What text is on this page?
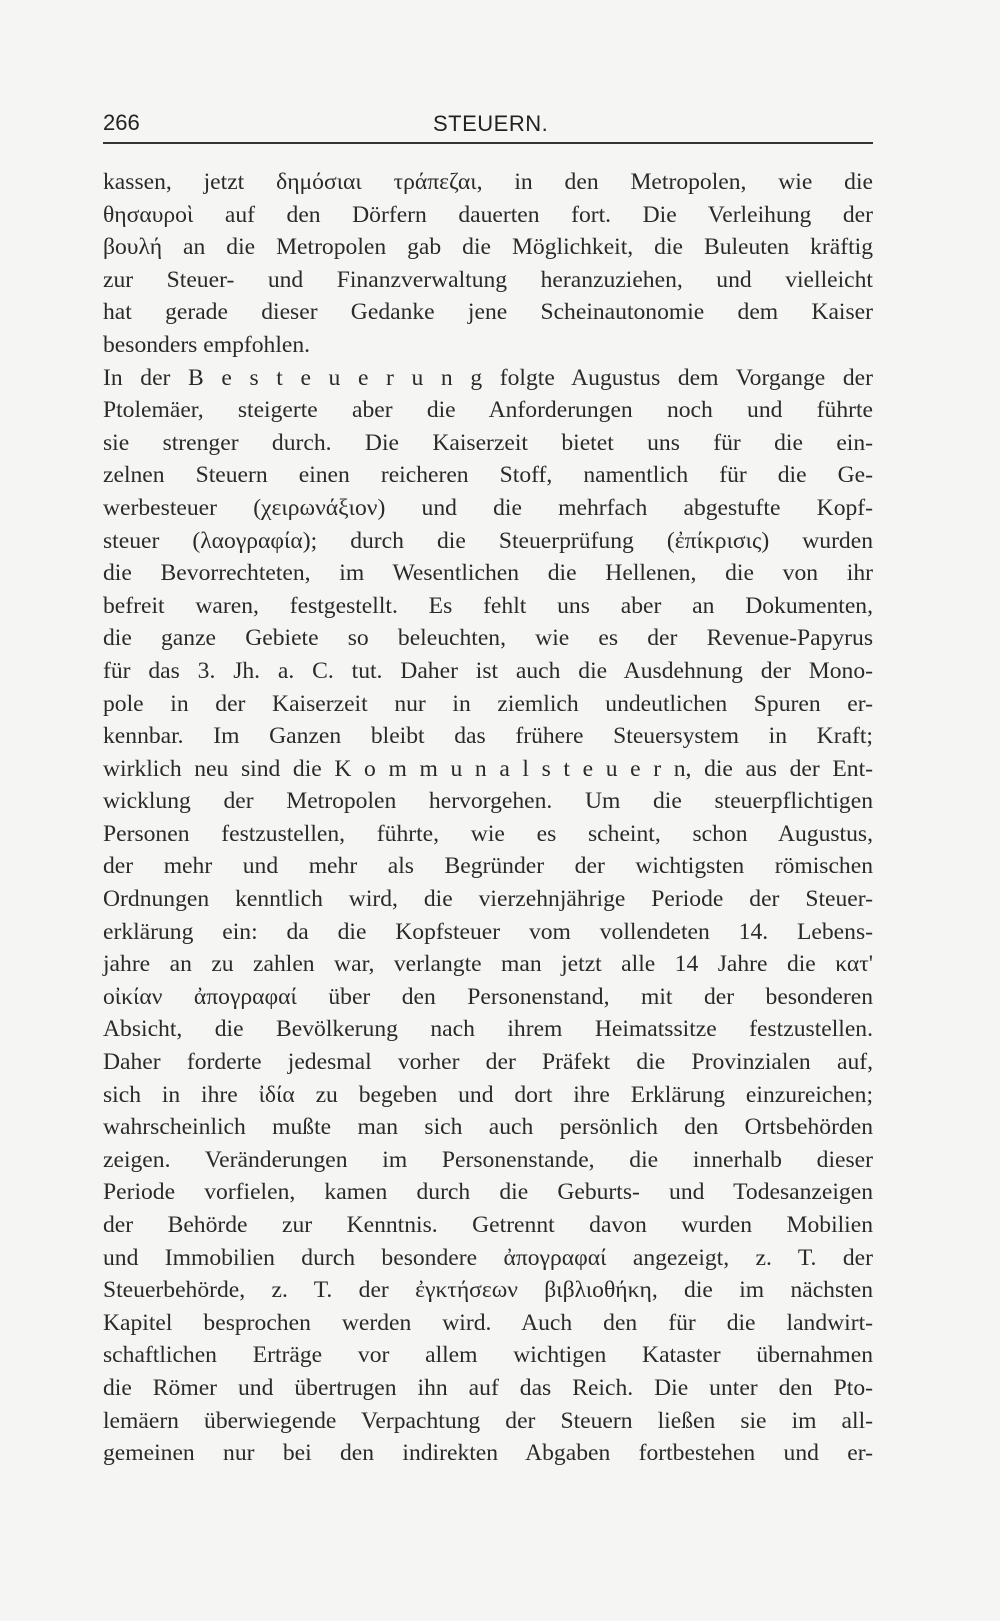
266	STEUERN.
kassen, jetzt δημόσιαι τράπεζαι, in den Metropolen, wie die
θησαυροὶ auf den Dörfern dauerten fort. Die Verleihung der
βουλή an die Metropolen gab die Möglichkeit, die Buleuten kräftig
zur Steuer- und Finanzverwaltung heranzuziehen, und vielleicht
hat gerade dieser Gedanke jene Scheinautonomie dem Kaiser
besonders empfohlen.
In der B e s t e u e r u n g folgte Augustus dem Vorgange der
Ptolemäer, steigerte aber die Anforderungen noch und führte
sie strenger durch. Die Kaiserzeit bietet uns für die ein-
zelnen Steuern einen reicheren Stoff, namentlich für die Ge-
werbesteuer (χειρωνάξιον) und die mehrfach abgestufte Kopf-
steuer (λαογραφία); durch die Steuerprüfung (ἐπίκρισις) wurden
die Bevorrechteten, im Wesentlichen die Hellenen, die von ihr
befreit waren, festgestellt. Es fehlt uns aber an Dokumenten,
die ganze Gebiete so beleuchten, wie es der Revenue-Papyrus
für das 3. Jh. a. C. tut. Daher ist auch die Ausdehnung der Mono-
pole in der Kaiserzeit nur in ziemlich undeutlichen Spuren er-
kennbar. Im Ganzen bleibt das frühere Steuersystem in Kraft;
wirklich neu sind die K o m m u n a l s t e u e r n, die aus der Ent-
wicklung der Metropolen hervorgehen. Um die steuerpflichtigen
Personen festzustellen, führte, wie es scheint, schon Augustus,
der mehr und mehr als Begründer der wichtigsten römischen
Ordnungen kenntlich wird, die vierzehnjährige Periode der Steuer-
erklärung ein: da die Kopfsteuer vom vollendeten 14. Lebens-
jahre an zu zahlen war, verlangte man jetzt alle 14 Jahre die κατ'
οἰκίαν ἀπογραφαί über den Personenstand, mit der besonderen
Absicht, die Bevölkerung nach ihrem Heimatssitze festzustellen.
Daher forderte jedesmal vorher der Präfekt die Provinzialen auf,
sich in ihre ἰδία zu begeben und dort ihre Erklärung einzureichen;
wahrscheinlich mußte man sich auch persönlich den Ortsbehörden
zeigen. Veränderungen im Personenstande, die innerhalb dieser
Periode vorfielen, kamen durch die Geburts- und Todesanzeigen
der Behörde zur Kenntnis. Getrennt davon wurden Mobilien
und Immobilien durch besondere ἀπογραφαί angezeigt, z. T. der
Steuerbehörde, z. T. der ἐγκτήσεων βιβλιοθήκη, die im nächsten
Kapitel besprochen werden wird. Auch den für die landwirt-
schaftlichen Erträge vor allem wichtigen Kataster übernahmen
die Römer und übertrugen ihn auf das Reich. Die unter den Pto-
lemäern überwiegende Verpachtung der Steuern ließen sie im all-
gemeinen nur bei den indirekten Abgaben fortbestehen und er-
